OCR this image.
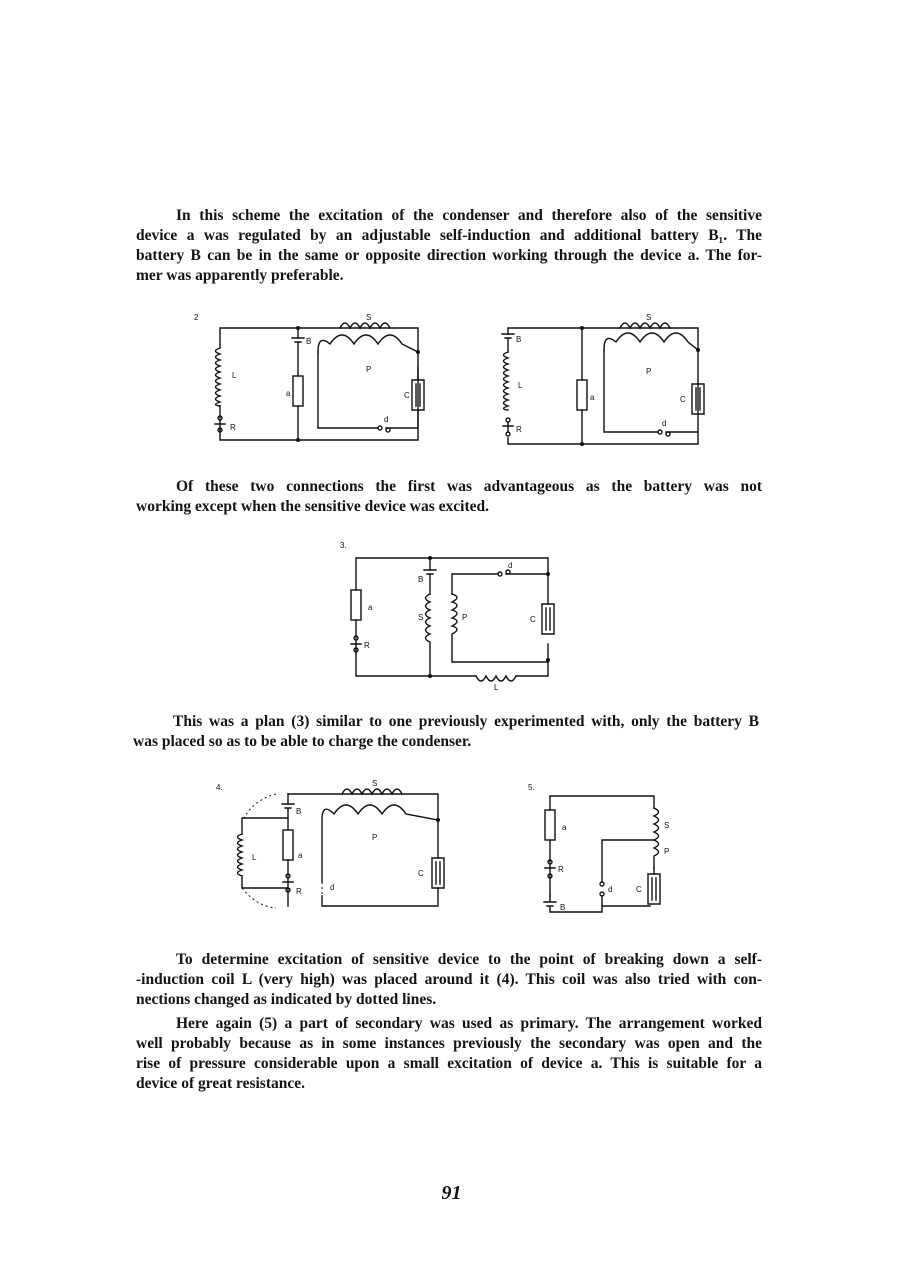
In this scheme the excitation of the condenser and therefore also of the sensitive
device a was regulated by an adjustable self-induction and additional battery B₁. The
battery B can be in the same or opposite direction working through the device a. The for-
mer was apparently preferable.
2	S
B
P
L
a	C
d
R
S
B
P
L
a	C
d
R
Of these two connections the first was advantageous as the battery was not
working except when the sensitive device was excited.
3.
d
a
B
S	P	C
R
L
This was a plan (3) similar to one previously experimented with, only the battery B
was placed so as to be able to charge the condenser.
4.	S
B
P
L	a
C
d
R
5.
a	S
P
R
d	C
B
To determine excitation of sensitive device to the point of breaking down a self-
-induction coil L (very high) was placed around it (4). This coil was also tried with con-
nections changed as indicated by dotted lines.
Here again (5) a part of secondary was used as primary. The arrangement worked
well probably because as in some instances previously the secondary was open and the
rise of pressure considerable upon a small excitation of device a. This is suitable for a
device of great resistance.
91
